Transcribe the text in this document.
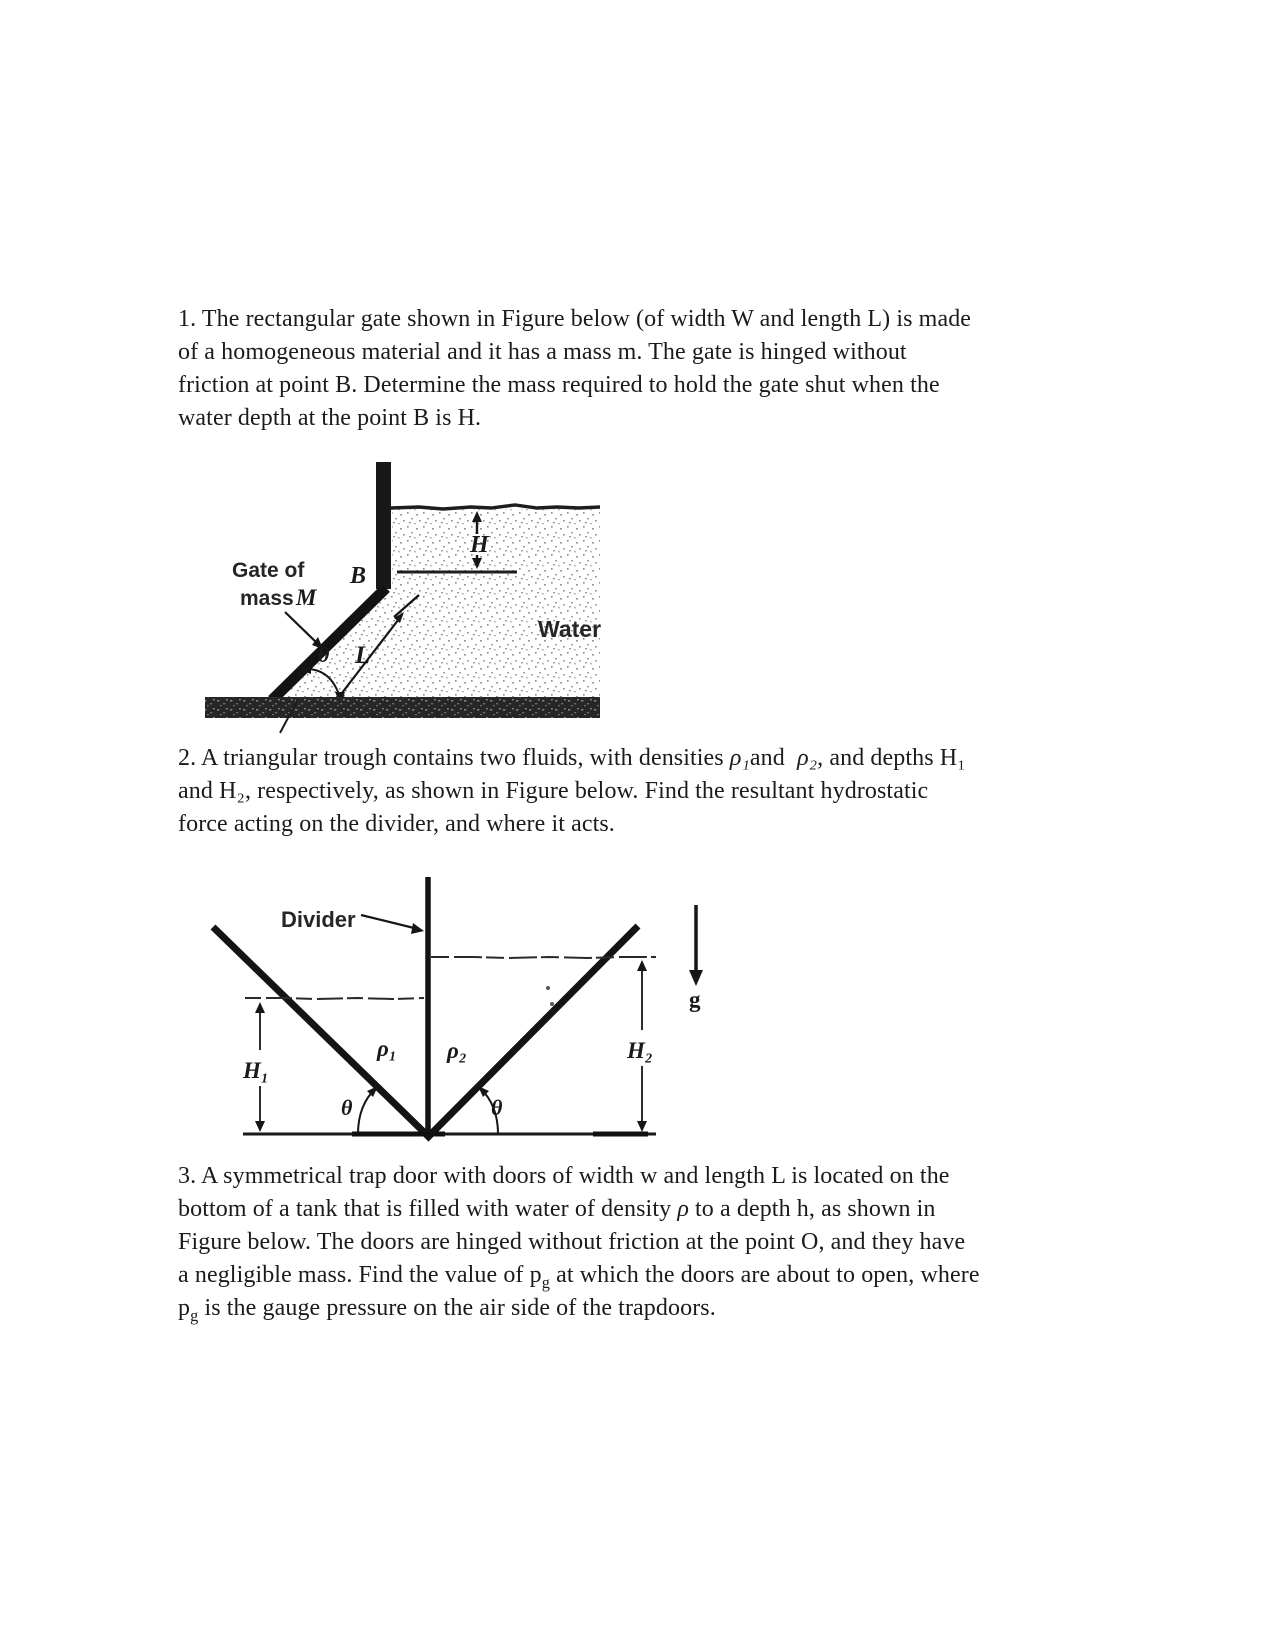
1. The rectangular gate shown in Figure below (of width W and length L) is made
of a homogeneous material and it has a mass m. The gate is hinged without
friction at point B. Determine the mass required to hold the gate shut when the
water depth at the point B is H.
H
B
Gate of
mass M
θ L
Water
2. A triangular trough contains two fluids, with densities ρ₁and  ρ₂, and depths H₁
and H₂, respectively, as shown in Figure below. Find the resultant hydrostatic
force acting on the divider, and where it acts.
H₁
H₂
ρ₁ ρ₂
θ	θ
Divider
g
3. A symmetrical trap door with doors of width w and length L is located on the
bottom of a tank that is filled with water of density ρ to a depth h, as shown in
Figure below. The doors are hinged without friction at the point O, and they have
a negligible mass. Find the value of $p_g$ at which the doors are about to open, where
$p_g$ is the gauge pressure on the air side of the trapdoors.
